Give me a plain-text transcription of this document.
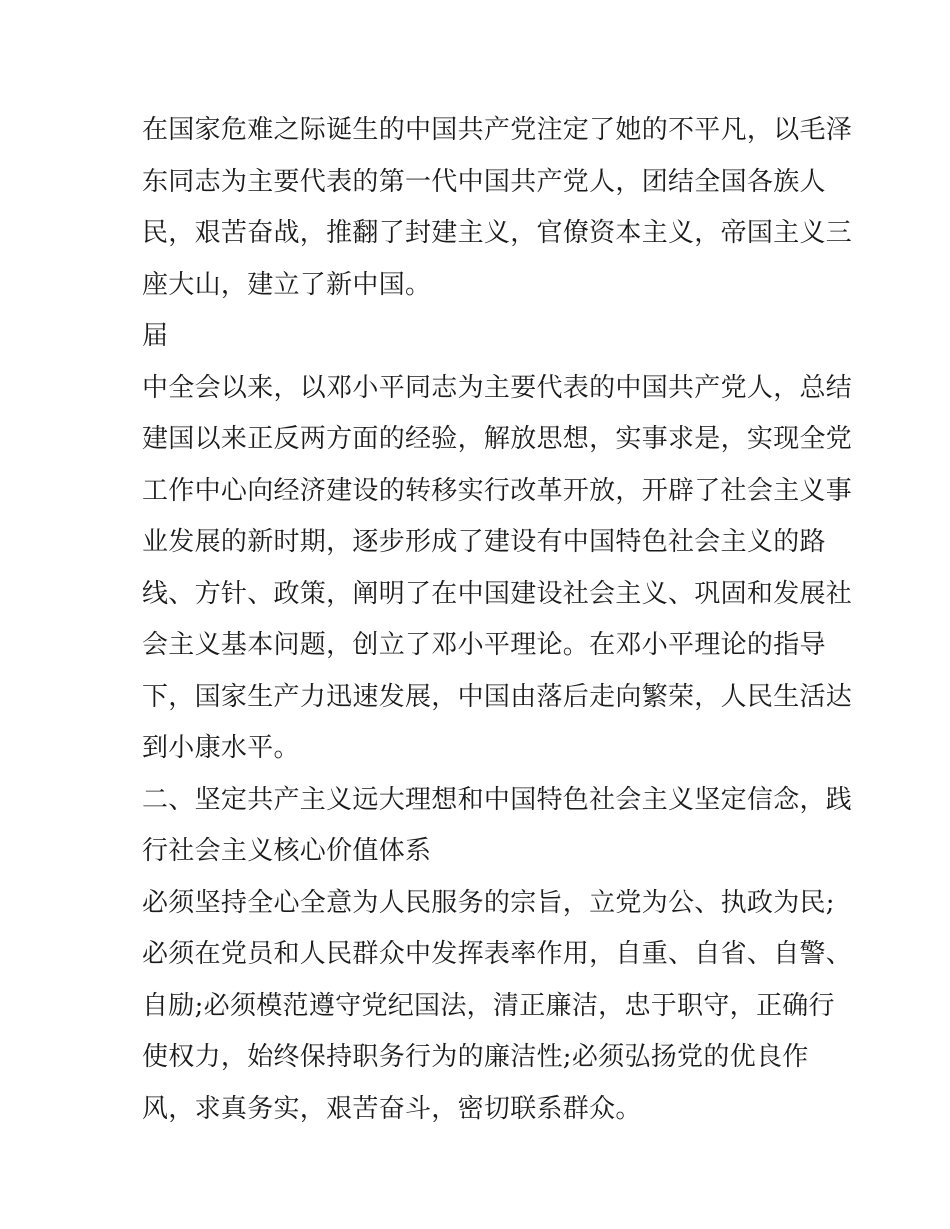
在国家危难之际诞生的中国共产党注定了她的不平凡，以毛泽
东同志为主要代表的第一代中国共产党人，团结全国各族人
民，艰苦奋战，推翻了封建主义，官僚资本主义，帝国主义三
座大山，建立了新中国。
届
中全会以来，以邓小平同志为主要代表的中国共产党人，总结
建国以来正反两方面的经验，解放思想，实事求是，实现全党
工作中心向经济建设的转移实行改革开放，开辟了社会主义事
业发展的新时期，逐步形成了建设有中国特色社会主义的路
线、方针、政策，阐明了在中国建设社会主义、巩固和发展社
会主义基本问题，创立了邓小平理论。在邓小平理论的指导
下，国家生产力迅速发展，中国由落后走向繁荣，人民生活达
到小康水平。
二、坚定共产主义远大理想和中国特色社会主义坚定信念，践
行社会主义核心价值体系
必须坚持全心全意为人民服务的宗旨，立党为公、执政为民;
必须在党员和人民群众中发挥表率作用，自重、自省、自警、
自励;必须模范遵守党纪国法，清正廉洁，忠于职守，正确行
使权力，始终保持职务行为的廉洁性;必须弘扬党的优良作
风，求真务实，艰苦奋斗，密切联系群众。
